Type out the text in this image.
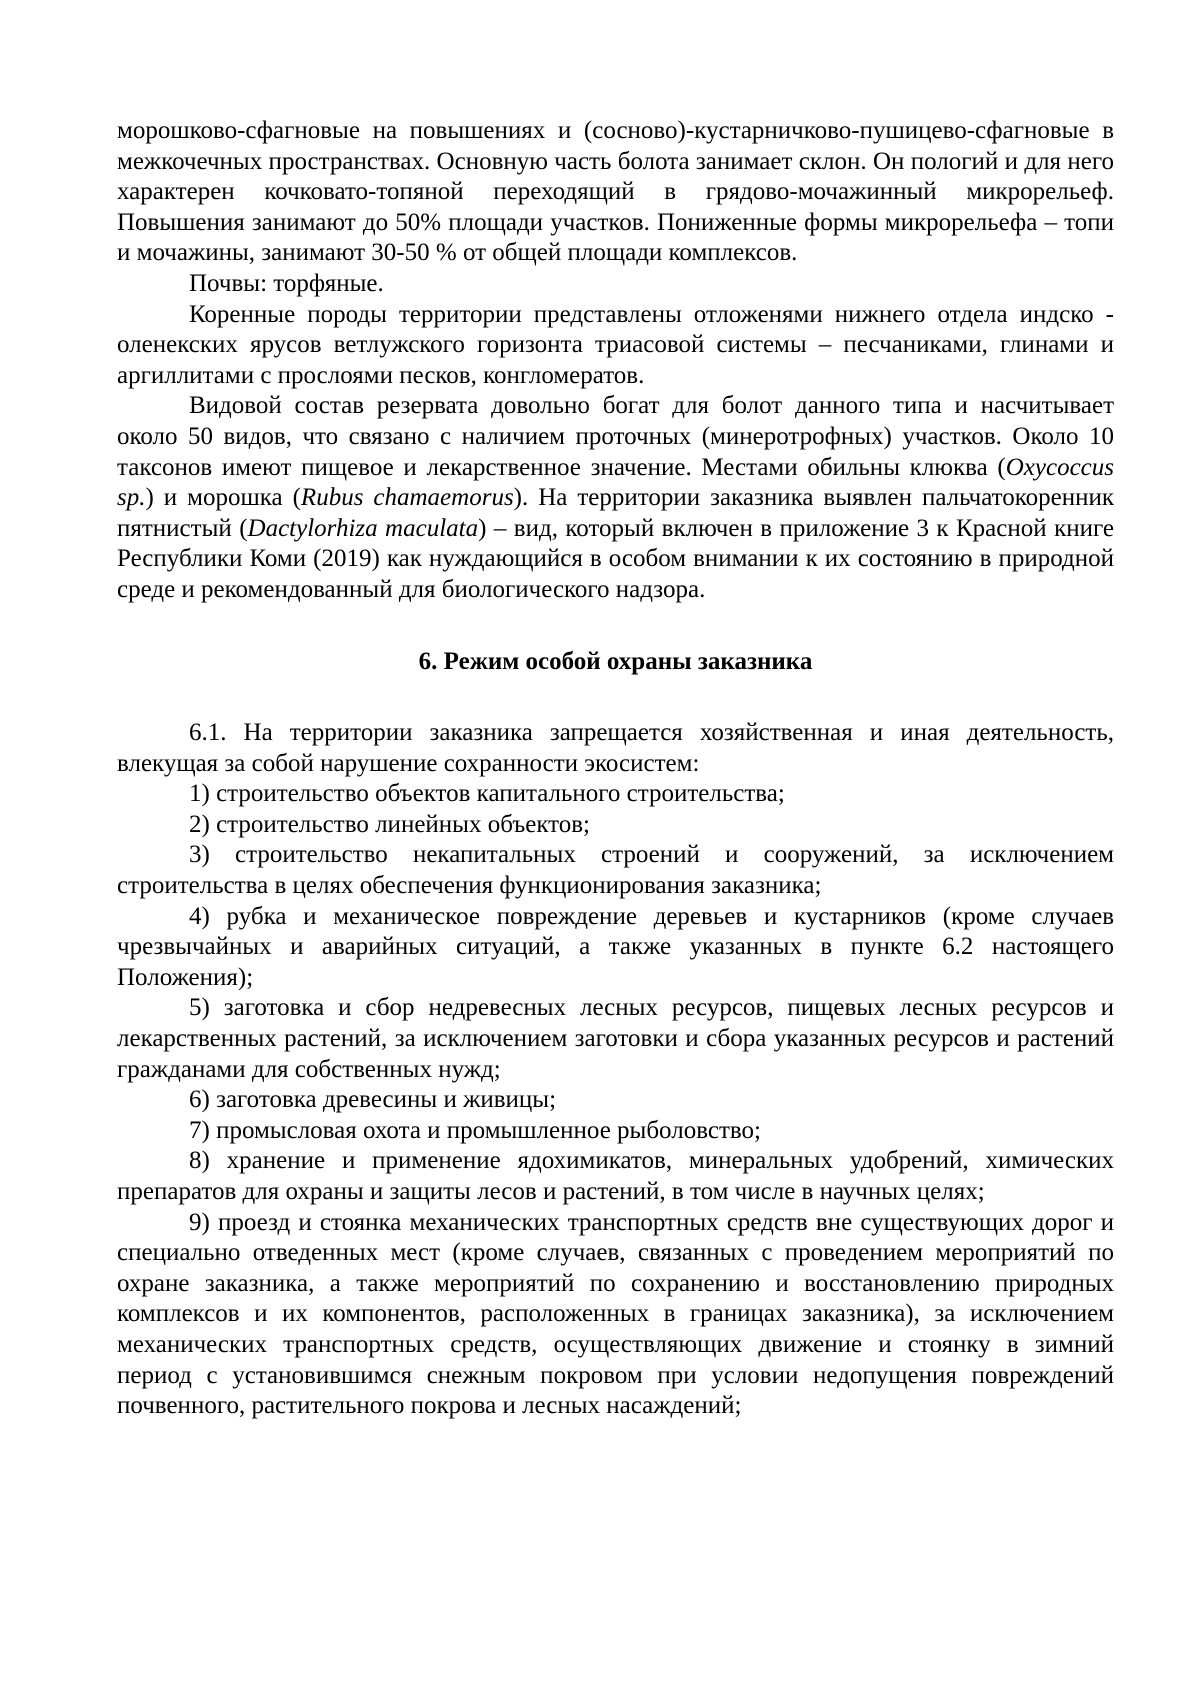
морошково-сфагновые на повышениях и (сосново)-кустарничково-пушицево-сфагновые в межкочечных пространствах. Основную часть болота занимает склон. Он пологий и для него характерен кочковато-топяной переходящий в грядово-мочажинный микрорельеф. Повышения занимают до 50% площади участков. Пониженные формы микрорельефа – топи и мочажины, занимают 30-50 % от общей площади комплексов.

Почвы: торфяные.

Коренные породы территории представлены отложенями нижнего отдела индско - оленекских ярусов ветлужского горизонта триасовой системы – песчаниками, глинами и аргиллитами с прослоями песков, конгломератов.

Видовой состав резервата довольно богат для болот данного типа и насчитывает около 50 видов, что связано с наличием проточных (минеротрофных) участков. Около 10 таксонов имеют пищевое и лекарственное значение. Местами обильны клюква (Oxycoccus sp.) и морошка (Rubus chamaemorus). На территории заказника выявлен пальчатокоренник пятнистый (Dactylorhiza maculata) – вид, который включен в приложение 3 к Красной книге Республики Коми (2019) как нуждающийся в особом внимании к их состоянию в природной среде и рекомендованный для биологического надзора.

6. Режим особой охраны заказника

6.1. На территории заказника запрещается хозяйственная и иная деятельность, влекущая за собой нарушение сохранности экосистем:

1) строительство объектов капитального строительства;

2) строительство линейных объектов;

3) строительство некапитальных строений и сооружений, за исключением строительства в целях обеспечения функционирования заказника;

4) рубка и механическое повреждение деревьев и кустарников (кроме случаев чрезвычайных и аварийных ситуаций, а также указанных в пункте 6.2 настоящего Положения);

5) заготовка и сбор недревесных лесных ресурсов, пищевых лесных ресурсов и лекарственных растений, за исключением заготовки и сбора указанных ресурсов и растений гражданами для собственных нужд;

6) заготовка древесины и живицы;

7) промысловая охота и промышленное рыболовство;

8) хранение и применение ядохимикатов, минеральных удобрений, химических препаратов для охраны и защиты лесов и растений, в том числе в научных целях;

9) проезд и стоянка механических транспортных средств вне существующих дорог и специально отведенных мест (кроме случаев, связанных с проведением мероприятий по охране заказника, а также мероприятий по сохранению и восстановлению природных комплексов и их компонентов, расположенных в границах заказника), за исключением механических транспортных средств, осуществляющих движение и стоянку в зимний период с установившимся снежным покровом при условии недопущения повреждений почвенного, растительного покрова и лесных насаждений;
